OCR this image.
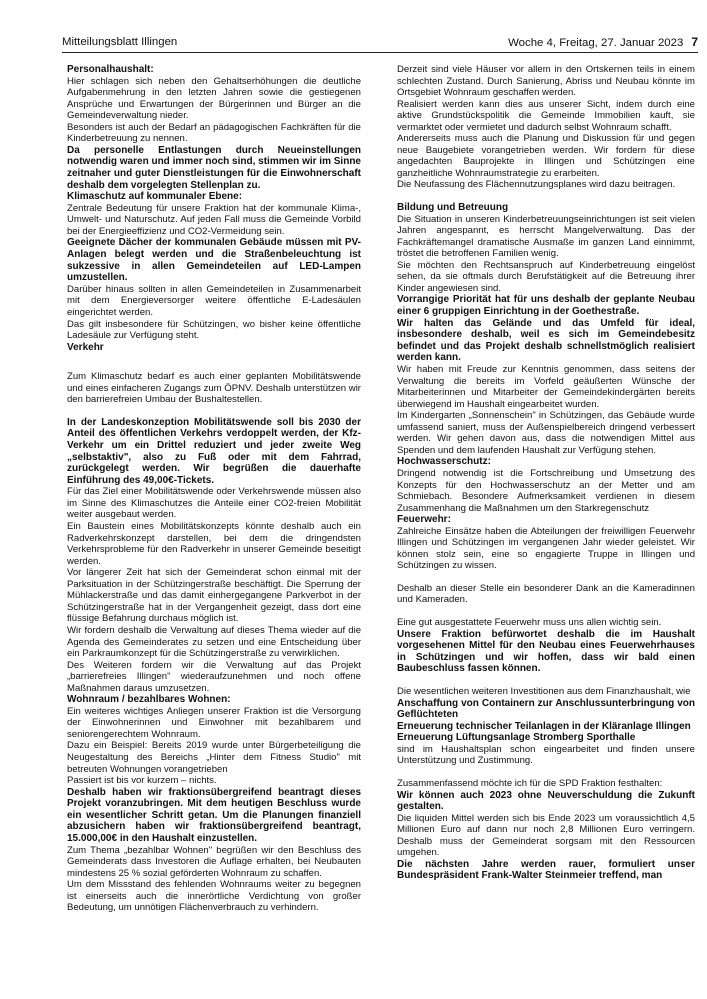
Mitteilungsblatt Illingen	Woche 4, Freitag, 27. Januar 2023 7

Personalhaushalt:

Hier schlagen sich neben den Gehaltserhöhungen die deutliche Aufgabenmehrung in den letzten Jahren sowie die gestiegenen Ansprüche und Erwartungen der Bürgerinnen und Bürger an die Gemeindeverwaltung nieder.

Besonders ist auch der Bedarf an pädagogischen Fachkräften für die Kinderbetreuung zu nennen.

Da personelle Entlastungen durch Neueinstellungen notwendig waren und immer noch sind, stimmen wir im Sinne zeitnaher und guter Dienstleistungen für die Einwohnerschaft deshalb dem vorgelegten Stellenplan zu.

Klimaschutz auf kommunaler Ebene:

Zentrale Bedeutung für unsere Fraktion hat der kommunale Klima-, Umwelt- und Naturschutz. Auf jeden Fall muss die Gemeinde Vorbild bei der Energieeffizienz und CO2-Vermeidung sein.

Geeignete Dächer der kommunalen Gebäude müssen mit PV-Anlagen belegt werden und die Straßenbeleuchtung ist sukzessive in allen Gemeindeteilen auf LED-Lampen umzustellen.

Darüber hinaus sollten in allen Gemeindeteilen in Zusammenarbeit mit dem Energieversorger weitere öffentliche E-Ladesäulen eingerichtet werden.

Das gilt insbesondere für Schützingen, wo bisher keine öffentliche Ladesäule zur Verfügung steht.

Verkehr

Zum Klimaschutz bedarf es auch einer geplanten Mobilitätswende und eines einfacheren Zugangs zum ÖPNV. Deshalb unterstützen wir den barrierefreien Umbau der Bushaltestellen.

In der Landeskonzeption Mobilitätswende soll bis 2030 der Anteil des öffentlichen Verkehrs verdoppelt werden, der Kfz-Verkehr um ein Drittel reduziert und jeder zweite Weg „selbstaktiv", also zu Fuß oder mit dem Fahrrad, zurückgelegt werden. Wir begrüßen die dauerhafte Einführung des 49,00€-Tickets.

Für das Ziel einer Mobilitätswende oder Verkehrswende müssen also im Sinne des Klimaschutzes die Anteile einer CO2-freien Mobilität weiter ausgebaut werden.

Ein Baustein eines Mobilitätskonzepts könnte deshalb auch ein Radverkehrskonzept darstellen, bei dem die dringendsten Verkehrsprobleme für den Radverkehr in unserer Gemeinde beseitigt werden.

Vor längerer Zeit hat sich der Gemeinderat schon einmal mit der Parksituation in der Schützingerstraße beschäftigt. Die Sperrung der Mühlackerstraße und das damit einhergegangene Parkverbot in der Schützingerstraße hat in der Vergangenheit gezeigt, dass dort eine flüssige Befahrung durchaus möglich ist.

Wir fordern deshalb die Verwaltung auf dieses Thema wieder auf die Agenda des Gemeinderates zu setzen und eine Entscheidung über ein Parkraumkonzept für die Schützingerstraße zu verwirklichen.

Des Weiteren fordern wir die Verwaltung auf das Projekt „barrierefreies Illingen" wiederaufzunehmen und noch offene Maßnahmen daraus umzusetzen.

Wohnraum / bezahlbares Wohnen:

Ein weiteres wichtiges Anliegen unserer Fraktion ist die Versorgung der Einwohnerinnen und Einwohner mit bezahlbarem und seniorengerechtem Wohnraum.

Dazu ein Beispiel: Bereits 2019 wurde unter Bürgerbeteiligung die Neugestaltung des Bereichs „Hinter dem Fitness Studio" mit betreuten Wohnungen vorangetrieben

Passiert ist bis vor kurzem – nichts.

Deshalb haben wir fraktionsübergreifend beantragt dieses Projekt voranzubringen. Mit dem heutigen Beschluss wurde ein wesentlicher Schritt getan. Um die Planungen finanziell abzusichern haben wir fraktionsübergreifend beantragt, 15.000,00€ in den Haushalt einzustellen.

Zum Thema „bezahlbar Wohnen" begrüßen wir den Beschluss des Gemeinderats dass Investoren die Auflage erhalten, bei Neubauten mindestens 25 % sozial geförderten Wohnraum zu schaffen.

Um dem Missstand des fehlenden Wohnraums weiter zu begegnen ist einerseits auch die innerörtliche Verdichtung von großer Bedeutung, um unnötigen Flächenverbrauch zu verhindern.

Derzeit sind viele Häuser vor allem in den Ortskernen teils in einem schlechten Zustand. Durch Sanierung, Abriss und Neubau könnte im Ortsgebiet Wohnraum geschaffen werden.

Realisiert werden kann dies aus unserer Sicht, indem durch eine aktive Grundstückspolitik die Gemeinde Immobilien kauft, sie vermarktet oder vermietet und dadurch selbst Wohnraum schafft.

Andererseits muss auch die Planung und Diskussion für und gegen neue Baugebiete vorangetrieben werden. Wir fordern für diese angedachten Bauprojekte in Illingen und Schützingen eine ganzheitliche Wohnraumstrategie zu erarbeiten.

Die Neufassung des Flächennutzungsplanes wird dazu beitragen.

Bildung und Betreuung

Die Situation in unseren Kinderbetreuungseinrichtungen ist seit vielen Jahren angespannt, es herrscht Mangelverwaltung. Das der Fachkräftemangel dramatische Ausmaße im ganzen Land einnimmt, tröstet die betroffenen Familien wenig.

Sie möchten den Rechtsanspruch auf Kinderbetreuung eingelöst sehen, da sie oftmals durch Berufstätigkeit auf die Betreuung ihrer Kinder angewiesen sind.

Vorrangige Priorität hat für uns deshalb der geplante Neubau einer 6 gruppigen Einrichtung in der Goethestraße.

Wir halten das Gelände und das Umfeld für ideal, insbesondere deshalb, weil es sich im Gemeindebesitz befindet und das Projekt deshalb schnellstmöglich realisiert werden kann.

Wir haben mit Freude zur Kenntnis genommen, dass seitens der Verwaltung die bereits im Vorfeld geäußerten Wünsche der Mitarbeiterinnen und Mitarbeiter der Gemeindekindergärten bereits überwiegend im Haushalt eingearbeitet wurden.

Im Kindergarten „Sonnenschein" in Schützingen, das Gebäude wurde umfassend saniert, muss der Außenspielbereich dringend verbessert werden. Wir gehen davon aus, dass die notwendigen Mittel aus Spenden und dem laufenden Haushalt zur Verfügung stehen.

Hochwasserschutz:

Dringend notwendig ist die Fortschreibung und Umsetzung des Konzepts für den Hochwasserschutz an der Metter und am Schmiebach. Besondere Aufmerksamkeit verdienen in diesem Zusammenhang die Maßnahmen um den Starkregenschutz

Feuerwehr:

Zahlreiche Einsätze haben die Abteilungen der freiwilligen Feuerwehr Illingen und Schützingen im vergangenen Jahr wieder geleistet. Wir können stolz sein, eine so engagierte Truppe in Illingen und Schützingen zu wissen.

Deshalb an dieser Stelle ein besonderer Dank an die Kameradinnen und Kameraden.

Eine gut ausgestattete Feuerwehr muss uns allen wichtig sein.

Unsere Fraktion befürwortet deshalb die im Haushalt vorgesehenen Mittel für den Neubau eines Feuerwehrhauses in Schützingen und wir hoffen, dass wir bald einen Baubeschluss fassen können.

Die wesentlichen weiteren Investitionen aus dem Finanzhaushalt, wie

Anschaffung von Containern zur Anschlussunterbringung von Geflüchteten

Erneuerung technischer Teilanlagen in der Kläranlage Illingen

Erneuerung Lüftungsanlage Stromberg Sporthalle

sind im Haushaltsplan schon eingearbeitet und finden unsere Unterstützung und Zustimmung.

Zusammenfassend möchte ich für die SPD Fraktion festhalten:

Wir können auch 2023 ohne Neuverschuldung die Zukunft gestalten.

Die liquiden Mittel werden sich bis Ende 2023 um voraussichtlich 4,5 Millionen Euro auf dann nur noch 2,8 Millionen Euro verringern. Deshalb muss der Gemeinderat sorgsam mit den Ressourcen umgehen.

Die nächsten Jahre werden rauer, formuliert unser Bundespräsident Frank-Walter Steinmeier treffend, man
